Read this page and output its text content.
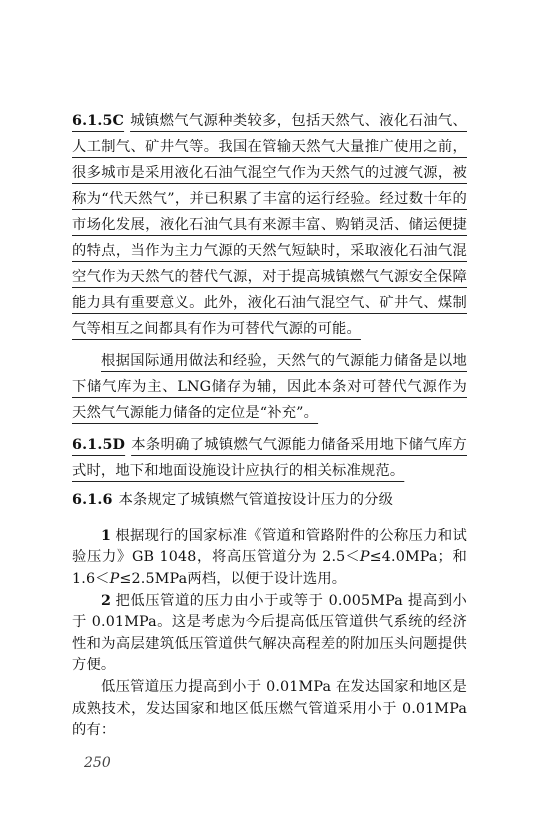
6.1.5C 城镇燃气气源种类较多，包括天然气、液化石油气、人工制气、矿井气等。我国在管输天然气大量推广使用之前，很多城市是采用液化石油气混空气作为天然气的过渡气源，被称为“代天然气”，并已积累了丰富的运行经验。经过数十年的市场化发展，液化石油气具有来源丰富、购销灵活、储运便捷的特点，当作为主力气源的天然气短缺时，采取液化石油气混空气作为天然气的替代气源，对于提高城镇燃气气源安全保障能力具有重要意义。此外，液化石油气混空气、矿井气、煤制气等相互之间都具有作为可替代气源的可能。

根据国际通用做法和经验，天然气的气源能力储备是以地下储气库为主、LNG储存为辅，因此本条对可替代气源作为天然气气源能力储备的定位是“补充”。

6.1.5D 本条明确了城镇燃气气源能力储备采用地下储气库方式时，地下和地面设施设计应执行的相关标准规范。

6.1.6 本条规定了城镇燃气管道按设计压力的分级

1 根据现行的国家标准《管道和管路附件的公称压力和试验压力》GB 1048，将高压管道分为 2.5＜P≤4.0MPa；和 1.6＜P≤2.5MPa两档，以便于设计选用。

2 把低压管道的压力由小于或等于 0.005MPa 提高到小于 0.01MPa。这是考虑为今后提高低压管道供气系统的经济性和为高层建筑低压管道供气解决高程差的附加压头问题提供方便。

低压管道压力提高到小于 0.01MPa 在发达国家和地区是成熟技术，发达国家和地区低压燃气管道采用小于 0.01MPa 的有：

250
